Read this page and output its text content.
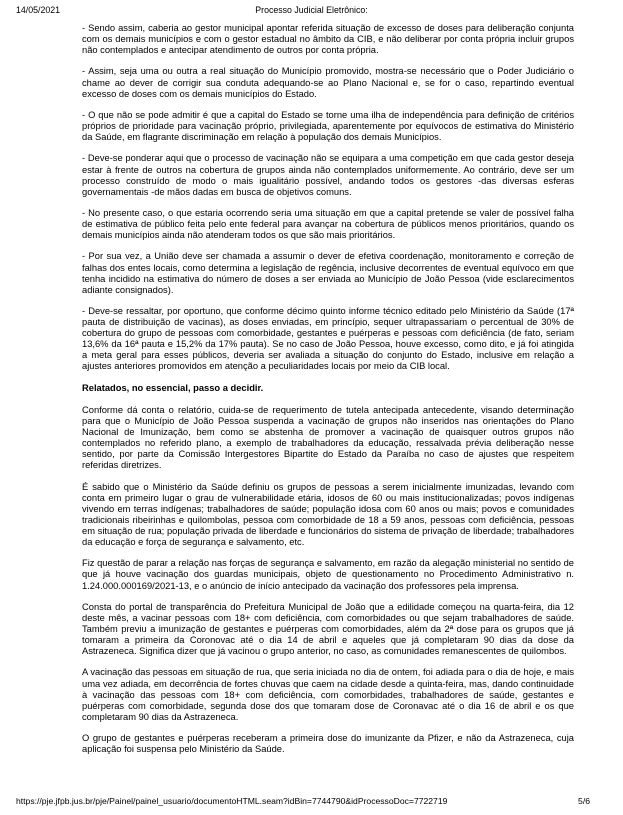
14/05/2021	Processo Judicial Eletrônico:

- Sendo assim, caberia ao gestor municipal apontar referida situação de excesso de doses para deliberação conjunta com os demais municípios e com o gestor estadual no âmbito da CIB, e não deliberar por conta própria incluir grupos não contemplados e antecipar atendimento de outros por conta própria.

- Assim, seja uma ou outra a real situação do Município promovido, mostra-se necessário que o Poder Judiciário o chame ao dever de corrigir sua conduta adequando-se ao Plano Nacional e, se for o caso, repartindo eventual excesso de doses com os demais municípios do Estado.

- O que não se pode admitir é que a capital do Estado se torne uma ilha de independência para definição de critérios próprios de prioridade para vacinação próprio, privilegiada, aparentemente por equívocos de estimativa do Ministério da Saúde, em flagrante discriminação em relação à população dos demais Municípios.

- Deve-se ponderar aqui que o processo de vacinação não se equipara a uma competição em que cada gestor deseja estar à frente de outros na cobertura de grupos ainda não contemplados uniformemente. Ao contrário, deve ser um processo construído de modo o mais igualitário possível, andando todos os gestores -das diversas esferas governamentais -de mãos dadas em busca de objetivos comuns.

- No presente caso, o que estaria ocorrendo seria uma situação em que a capital pretende se valer de possível falha de estimativa de público feita pelo ente federal para avançar na cobertura de públicos menos prioritários, quando os demais municípios ainda não atenderam todos os que são mais prioritários.

- Por sua vez, a União deve ser chamada a assumir o dever de efetiva coordenação, monitoramento e correção de falhas dos entes locais, como determina a legislação de regência, inclusive decorrentes de eventual equívoco em que tenha incidido na estimativa do número de doses a ser enviada ao Município de João Pessoa (vide esclarecimentos adiante consignados).

- Deve-se ressaltar, por oportuno, que conforme décimo quinto informe técnico editado pelo Ministério da Saúde (17ª pauta de distribuição de vacinas), as doses enviadas, em princípio, sequer ultrapassariam o percentual de 30% de cobertura do grupo de pessoas com comorbidade, gestantes e puérperas e pessoas com deficiência (de fato, seriam 13,6% da 16ª pauta e 15,2% da 17% pauta). Se no caso de João Pessoa, houve excesso, como dito, e já foi atingida a meta geral para esses públicos, deveria ser avaliada a situação do conjunto do Estado, inclusive em relação a ajustes anteriores promovidos em atenção a peculiaridades locais por meio da CIB local.

Relatados, no essencial, passo a decidir.

Conforme dá conta o relatório, cuida-se de requerimento de tutela antecipada antecedente, visando determinação para que o Município de João Pessoa suspenda a vacinação de grupos não inseridos nas orientações do Plano Nacional de Imunização, bem como se abstenha de promover a vacinação de quaisquer outros grupos não contemplados no referido plano, a exemplo de trabalhadores da educação, ressalvada prévia deliberação nesse sentido, por parte da Comissão Intergestores Bipartite do Estado da Paraíba no caso de ajustes que respeitem referidas diretrizes.

É sabido que o Ministério da Saúde definiu os grupos de pessoas a serem inicialmente imunizadas, levando com conta em primeiro lugar o grau de vulnerabilidade etária, idosos de 60 ou mais institucionalizadas; povos indígenas vivendo em terras indígenas; trabalhadores de saúde; população idosa com 60 anos ou mais; povos e comunidades tradicionais ribeirinhas e quilombolas, pessoa com comorbidade de 18 a 59 anos, pessoas com deficiência, pessoas em situação de rua; população privada de liberdade e funcionários do sistema de privação de liberdade; trabalhadores da educação e força de segurança e salvamento, etc.

Fiz questão de parar a relação nas forças de segurança e salvamento, em razão da alegação ministerial no sentido de que já houve vacinação dos guardas municipais, objeto de questionamento no Procedimento Administrativo n. 1.24.000.000169/2021-13, e o anúncio de início antecipado da vacinação dos professores pela imprensa.

Consta do portal de transparência do Prefeitura Municipal de João que a edilidade começou na quarta-feira, dia 12 deste mês, a vacinar pessoas com 18+ com deficiência, com comorbidades ou que sejam trabalhadores de saúde. Também previu a imunização de gestantes e puérperas com comorbidades, além da 2ª dose para os grupos que já tomaram a primeira da Coronovac até o dia 14 de abril e aqueles que já completaram 90 dias da dose da Astrazeneca. Significa dizer que já vacinou o grupo anterior, no caso, as comunidades remanescentes de quilombos.

A vacinação das pessoas em situação de rua, que seria iniciada no dia de ontem, foi adiada para o dia de hoje, e mais uma vez adiada, em decorrência de fortes chuvas que caem na cidade desde a quinta-feira, mas, dando continuidade à vacinação das pessoas com 18+ com deficiência, com comorbidades, trabalhadores de saúde, gestantes e puérperas com comorbidade, segunda dose dos que tomaram dose de Coronavac até o dia 16 de abril e os que completaram 90 dias da Astrazeneca.

O grupo de gestantes e puérperas receberam a primeira dose do imunizante da Pfizer, e não da Astrazeneca, cuja aplicação foi suspensa pelo Ministério da Saúde.

https://pje.jfpb.jus.br/pje/Painel/painel_usuario/documentoHTML.seam?idBin=7744790&idProcessoDoc=7722719	5/6
